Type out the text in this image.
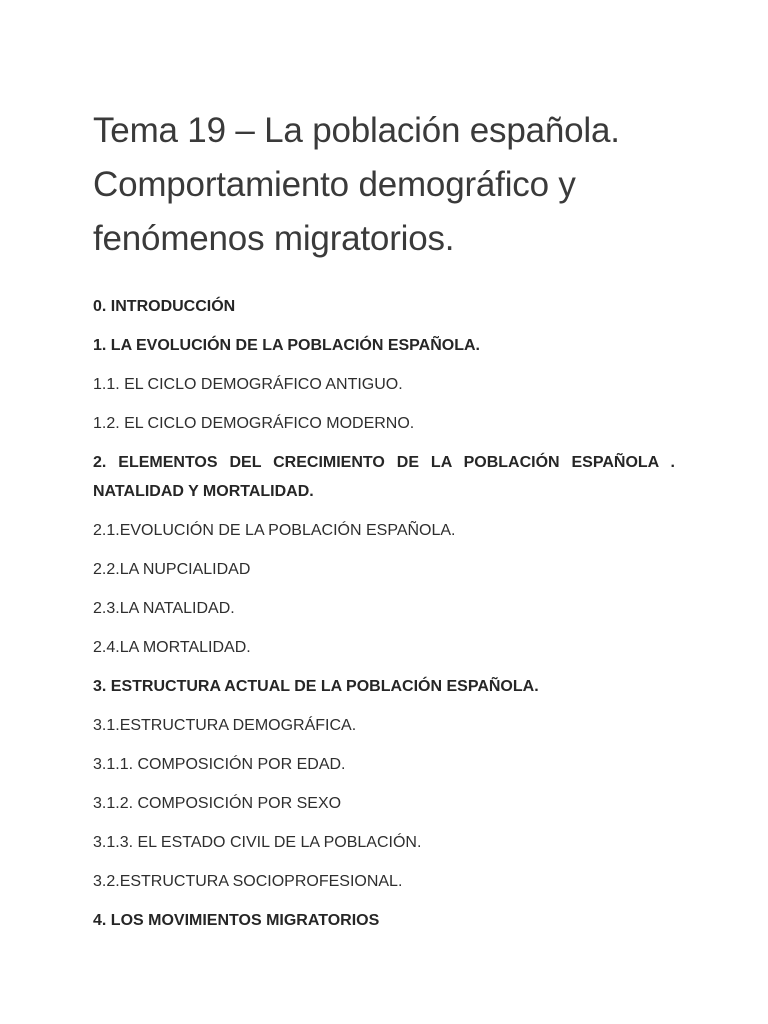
Tema 19 – La población española. Comportamiento demográfico y fenómenos migratorios.
0. INTRODUCCIÓN
1. LA EVOLUCIÓN DE LA POBLACIÓN ESPAÑOLA.
1.1. EL CICLO DEMOGRÁFICO ANTIGUO.
1.2. EL CICLO DEMOGRÁFICO MODERNO.
2. ELEMENTOS DEL CRECIMIENTO DE LA POBLACIÓN ESPAÑOLA . NATALIDAD Y MORTALIDAD.
2.1.EVOLUCIÓN DE LA POBLACIÓN ESPAÑOLA.
2.2.LA NUPCIALIDAD
2.3.LA NATALIDAD.
2.4.LA MORTALIDAD.
3. ESTRUCTURA ACTUAL DE LA POBLACIÓN ESPAÑOLA.
3.1.ESTRUCTURA DEMOGRÁFICA.
3.1.1. COMPOSICIÓN POR EDAD.
3.1.2. COMPOSICIÓN POR SEXO
3.1.3. EL ESTADO CIVIL DE LA POBLACIÓN.
3.2.ESTRUCTURA SOCIOPROFESIONAL.
4. LOS MOVIMIENTOS MIGRATORIOS
